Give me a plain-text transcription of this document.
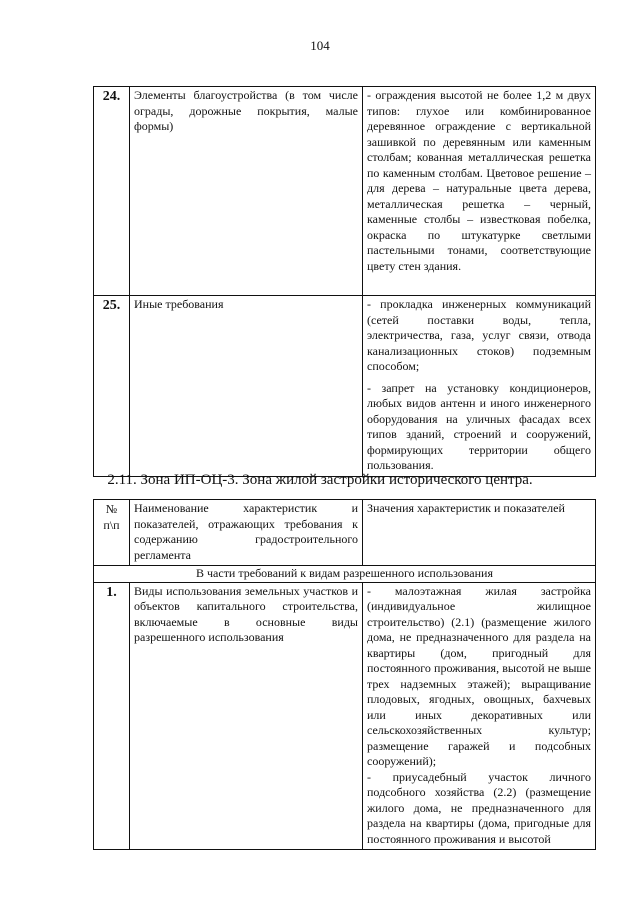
104
24.	Элементы благоустройства (в том числе ограды, дорожные покрытия, малые формы)	- ограждения высотой не более 1,2 м двух типов: глухое или комбинированное деревянное ограждение с вертикальной зашивкой по деревянным или каменным столбам; кованная металлическая решетка по каменным столбам. Цветовое решение – для дерева – натуральные цвета дерева, металлическая решетка – черный, каменные столбы – известковая побелка, окраска по штукатурке светлыми пастельными тонами, соответствующие цвету стен здания.

25.	Иные требования	- прокладка инженерных коммуникаций (сетей поставки воды, тепла, электричества, газа, услуг связи, отвода канализационных стоков) подземным способом;
- запрет на установку кондиционеров, любых видов антенн и иного инженерного оборудования на уличных фасадах всех типов зданий, строений и сооружений, формирующих территории общего пользования.
2.11. Зона ИП-ОЦ-3. Зона жилой застройки исторического центра.
№ п\п	Наименование характеристик и показателей, отражающих требования к содержанию градостроительного регламента	Значения характеристик и показателей
В части требований к видам разрешенного использования		
1.	Виды использования земельных участков и объектов капитального строительства, включаемые в основные виды разрешенного использования	- малоэтажная жилая застройка (индивидуальное жилищное строительство) (2.1) (размещение жилого дома, не предназначенного для раздела на квартиры (дом, пригодный для постоянного проживания, высотой не выше трех надземных этажей); выращивание плодовых, ягодных, овощных, бахчевых или иных декоративных или сельскохозяйственных культур; размещение гаражей и подсобных сооружений);
- приусадебный участок личного подсобного хозяйства (2.2) (размещение жилого дома, не предназначенного для раздела на квартиры (дома, пригодные для постоянного проживания и высотой
